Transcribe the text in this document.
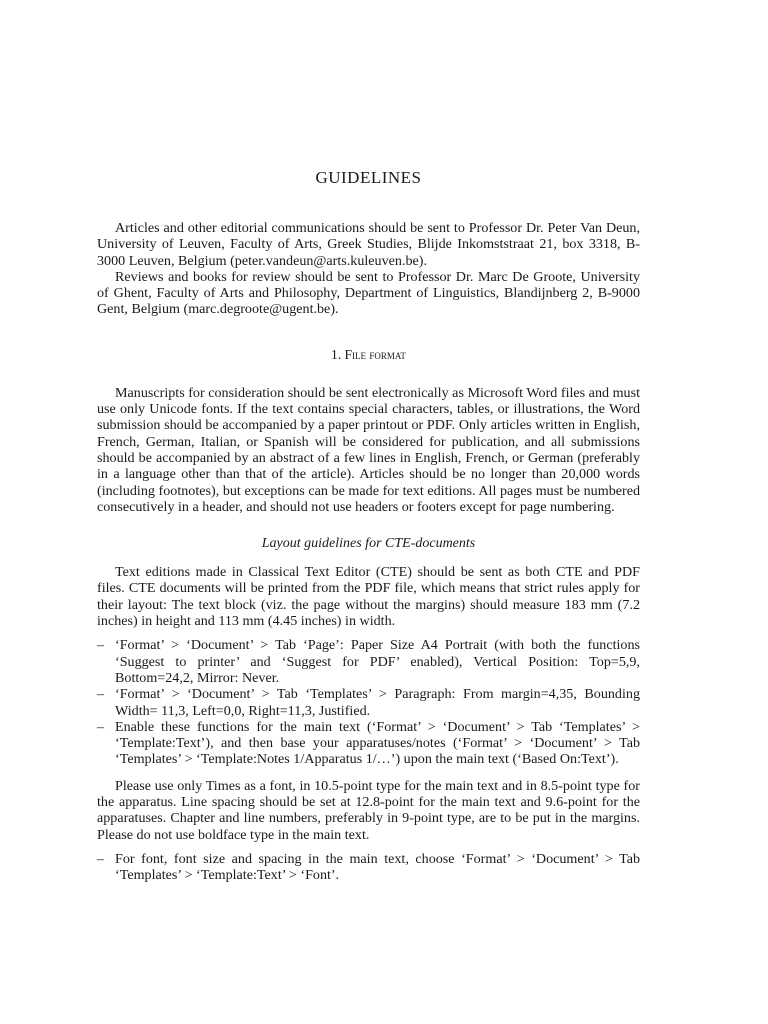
GUIDELINES

Articles and other editorial communications should be sent to Professor Dr. Peter Van Deun, University of Leuven, Faculty of Arts, Greek Studies, Blijde Inkomststraat 21, box 3318, B-3000 Leuven, Belgium (peter.vandeun@arts.kuleuven.be).

Reviews and books for review should be sent to Professor Dr. Marc De Groote, University of Ghent, Faculty of Arts and Philosophy, Department of Linguistics, Blandijnberg 2, B-9000 Gent, Belgium (marc.degroote@ugent.be).

1. File format

Manuscripts for consideration should be sent electronically as Microsoft Word files and must use only Unicode fonts. If the text contains special characters, tables, or illustrations, the Word submission should be accompanied by a paper printout or PDF. Only articles written in English, French, German, Italian, or Spanish will be considered for publication, and all submissions should be accompanied by an abstract of a few lines in English, French, or German (preferably in a language other than that of the article). Articles should be no longer than 20,000 words (including footnotes), but exceptions can be made for text editions. All pages must be numbered consecutively in a header, and should not use headers or footers except for page numbering.

Layout guidelines for CTE-documents

Text editions made in Classical Text Editor (CTE) should be sent as both CTE and PDF files. CTE documents will be printed from the PDF file, which means that strict rules apply for their layout: The text block (viz. the page without the margins) should measure 183 mm (7.2 inches) in height and 113 mm (4.45 inches) in width.

– ‘Format’ > ‘Document’ > Tab ‘Page’: Paper Size A4 Portrait (with both the functions ‘Suggest to printer’ and ‘Suggest for PDF’ enabled), Vertical Position: Top=5,9, Bottom=24,2, Mirror: Never.
– ‘Format’ > ‘Document’ > Tab ‘Templates’ > Paragraph: From margin=4,35, Bounding Width= 11,3, Left=0,0, Right=11,3, Justified.
– Enable these functions for the main text (‘Format’ > ‘Document’ > Tab ‘Templates’ > ‘Template:Text’), and then base your apparatuses/notes (‘Format’ > ‘Document’ > Tab ‘Templates’ > ‘Template:Notes 1/Apparatus 1/…’) upon the main text (‘Based On:Text’).

Please use only Times as a font, in 10.5-point type for the main text and in 8.5-point type for the apparatus. Line spacing should be set at 12.8-point for the main text and 9.6-point for the apparatuses. Chapter and line numbers, preferably in 9-point type, are to be put in the margins. Please do not use boldface type in the main text.

– For font, font size and spacing in the main text, choose ‘Format’ > ‘Document’ > Tab ‘Templates’ > ‘Template:Text’ > ‘Font’.
